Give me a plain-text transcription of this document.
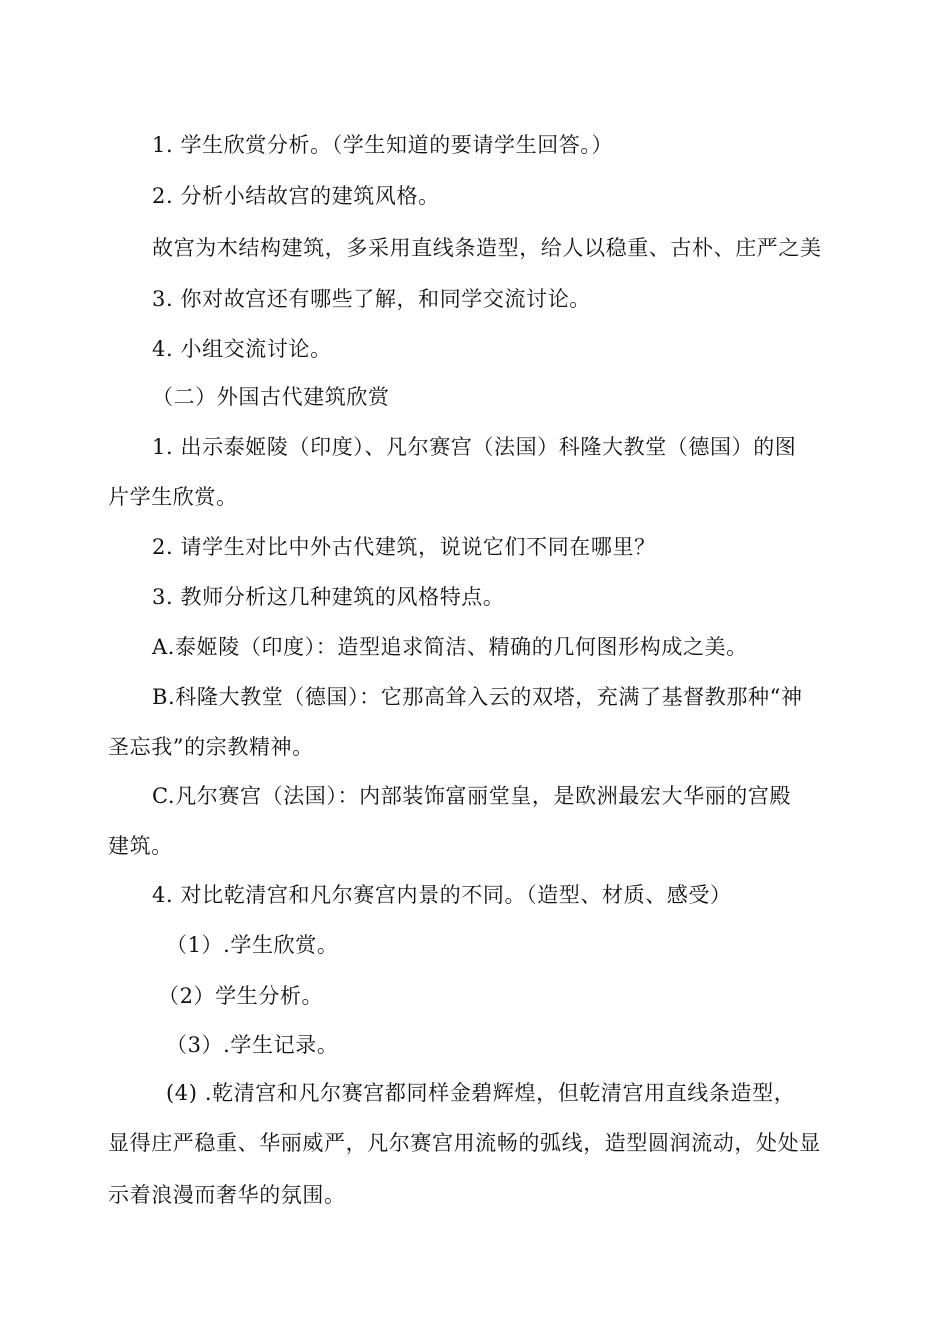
1. 学生欣赏分析。（学生知道的要请学生回答。）

2. 分析小结故宫的建筑风格。

故宫为木结构建筑，多采用直线条造型，给人以稳重、古朴、庄严之美

3. 你对故宫还有哪些了解，和同学交流讨论。

4. 小组交流讨论。

（二）外国古代建筑欣赏

1. 出示泰姬陵（印度）、凡尔赛宫（法国）科隆大教堂（德国）的图

片学生欣赏。

2. 请学生对比中外古代建筑，说说它们不同在哪里？

3. 教师分析这几种建筑的风格特点。

A.泰姬陵（印度）：造型追求简洁、精确的几何图形构成之美。

B.科隆大教堂（德国）：它那高耸入云的双塔，充满了基督教那种“神

圣忘我”的宗教精神。

C.凡尔赛宫（法国）：内部装饰富丽堂皇，是欧洲最宏大华丽的宫殿

建筑。

4. 对比乾清宫和凡尔赛宫内景的不同。（造型、材质、感受）

（1）.学生欣赏。

（2）学生分析。

（3）.学生记录。

(4) .乾清宫和凡尔赛宫都同样金碧辉煌，但乾清宫用直线条造型，

显得庄严稳重、华丽威严，凡尔赛宫用流畅的弧线，造型圆润流动，处处显

示着浪漫而奢华的氛围。
